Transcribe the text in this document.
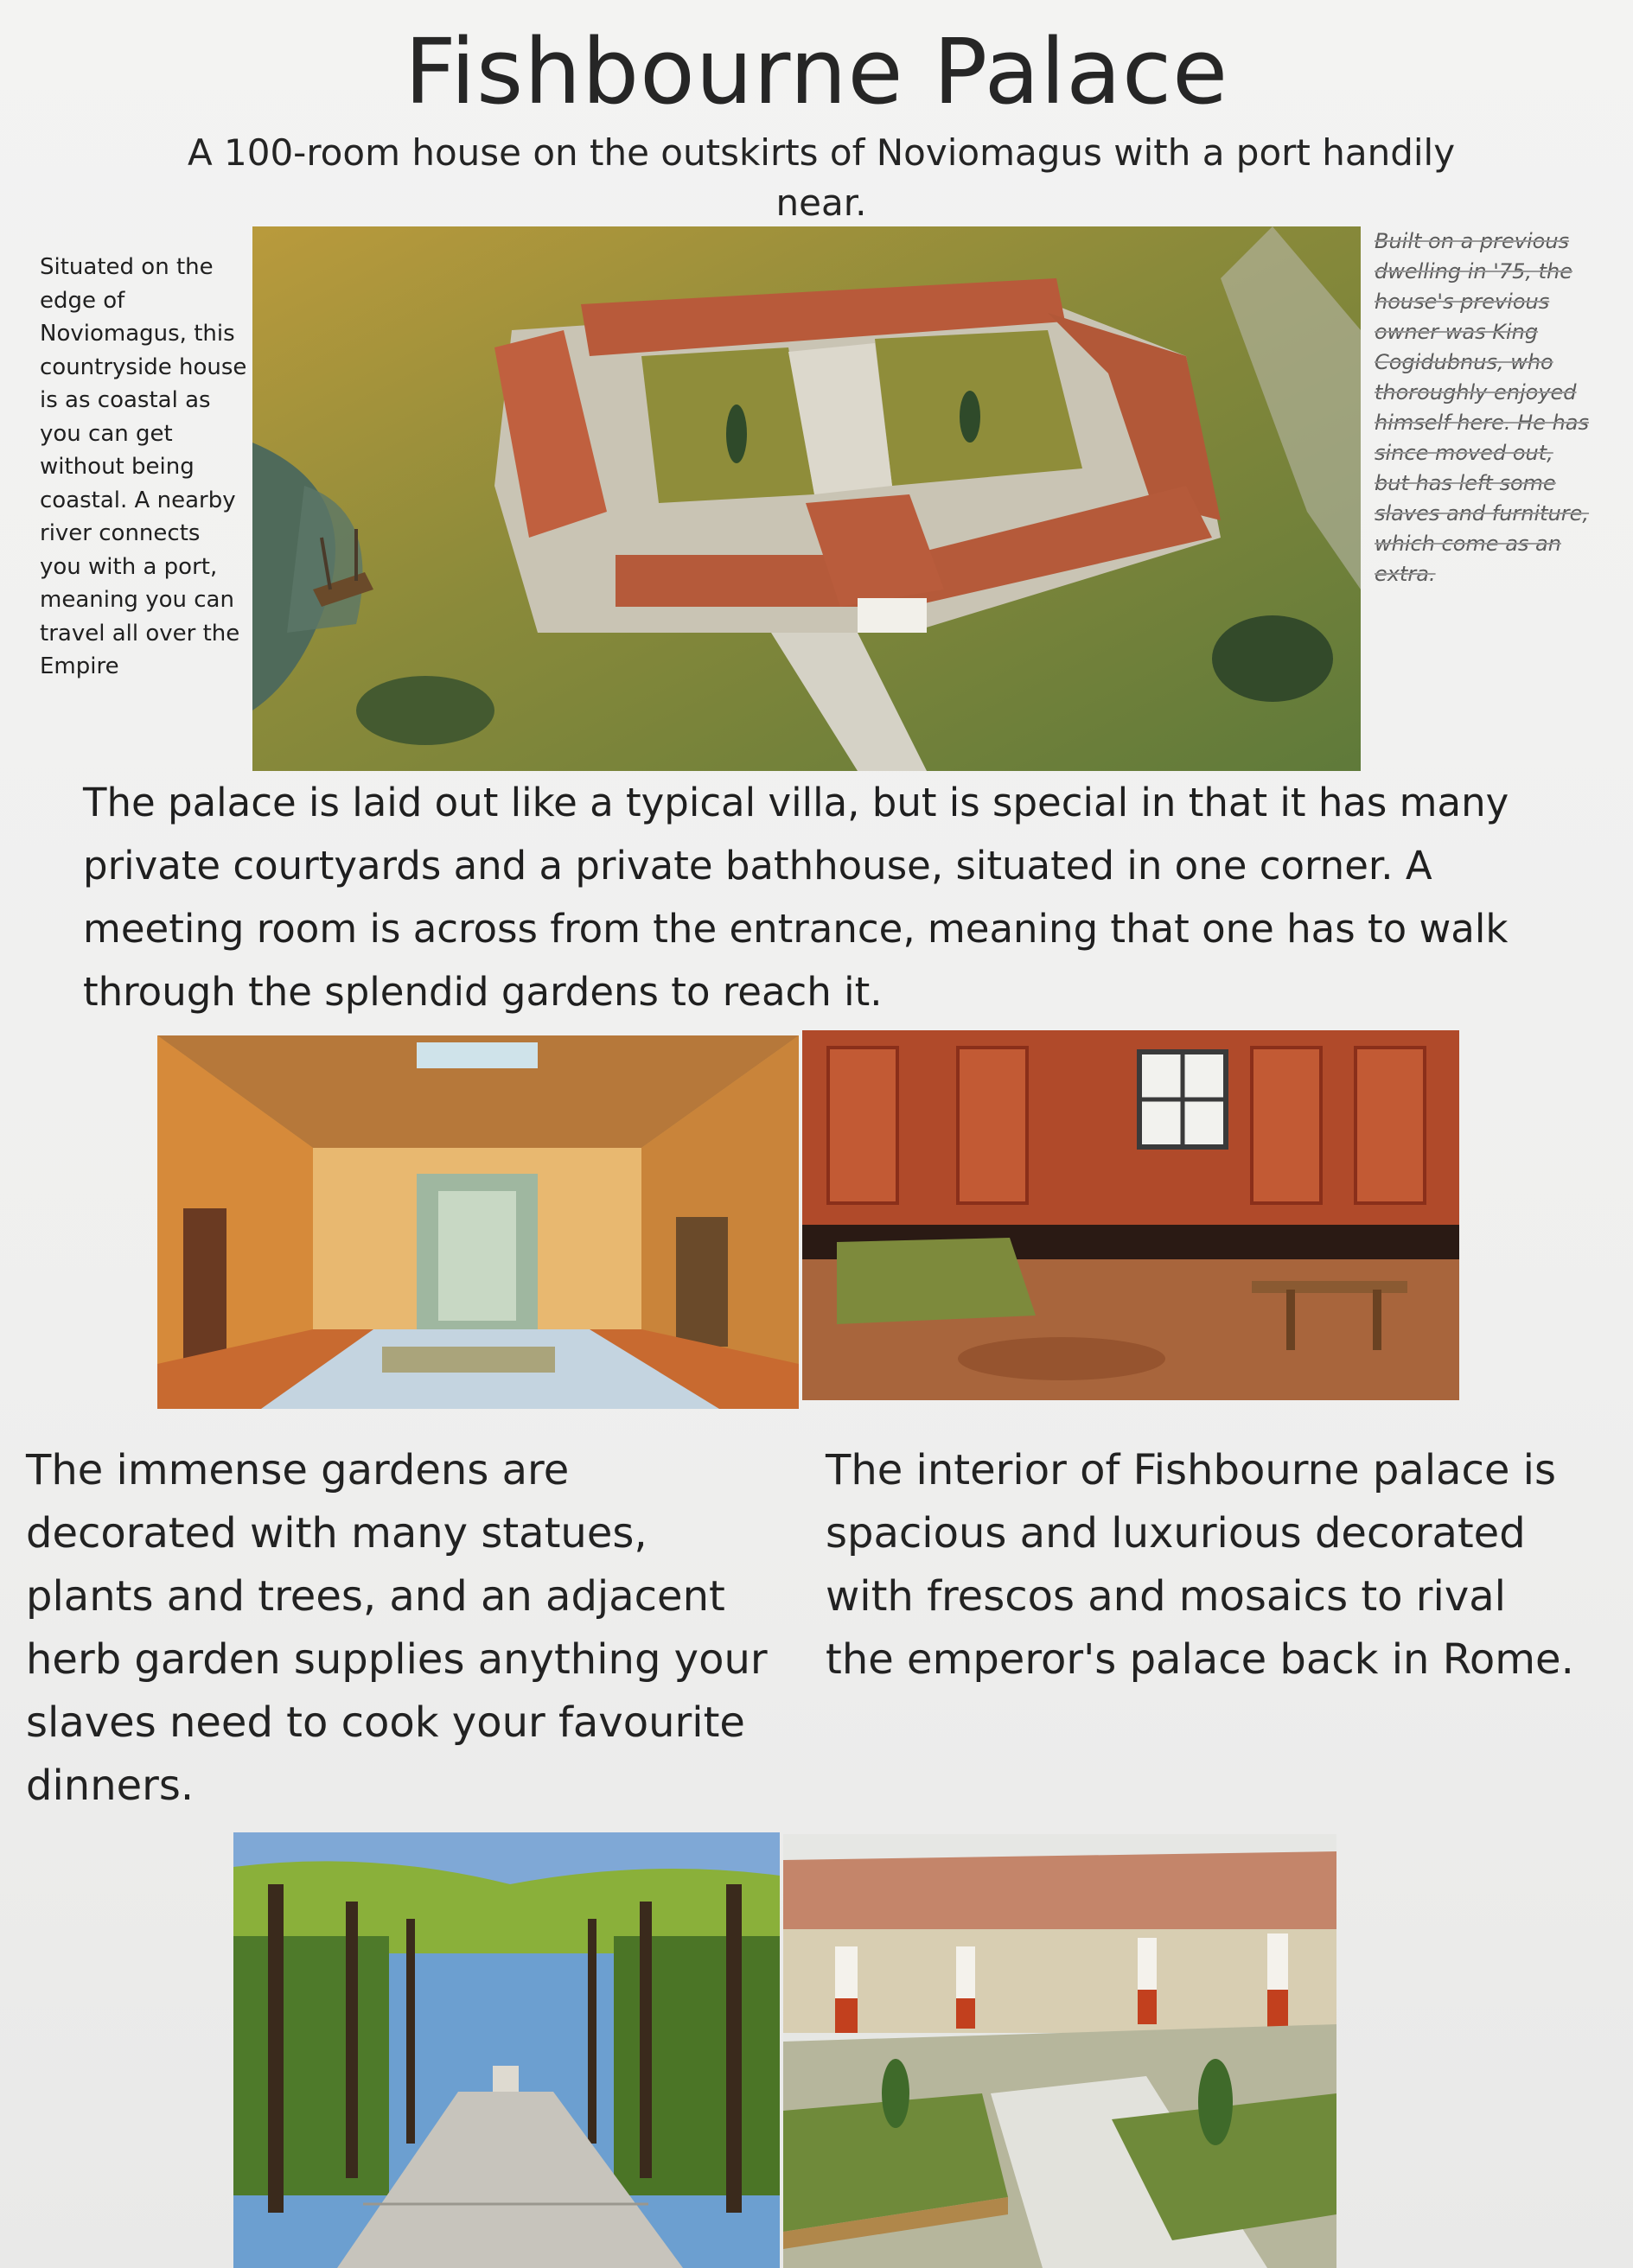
Fishbourne Palace
A 100-room house on the outskirts of Noviomagus with a port handily near.
Situated on the edge of Noviomagus, this countryside house is as coastal as you can get without being coastal. A nearby river connects you with a port, meaning you can travel all over the Empire
Built on a previous dwelling in '75, the house's previous owner was King Cogidubnus, who thoroughly enjoyed himself here. He has since moved out, but has left some slaves and furniture, which come as an extra.
The palace is laid out like a typical villa, but is special in that it has many private courtyards and a private bathhouse, situated in one corner. A meeting room is across from the entrance, meaning that one has to walk through the splendid gardens to reach it.
The immense gardens are decorated with many statues, plants and trees, and an adjacent herb garden supplies anything your slaves need to cook your favourite dinners.
The interior of Fishbourne palace is spacious and luxurious decorated with frescos and mosaics to rival the emperor's palace back in Rome.
